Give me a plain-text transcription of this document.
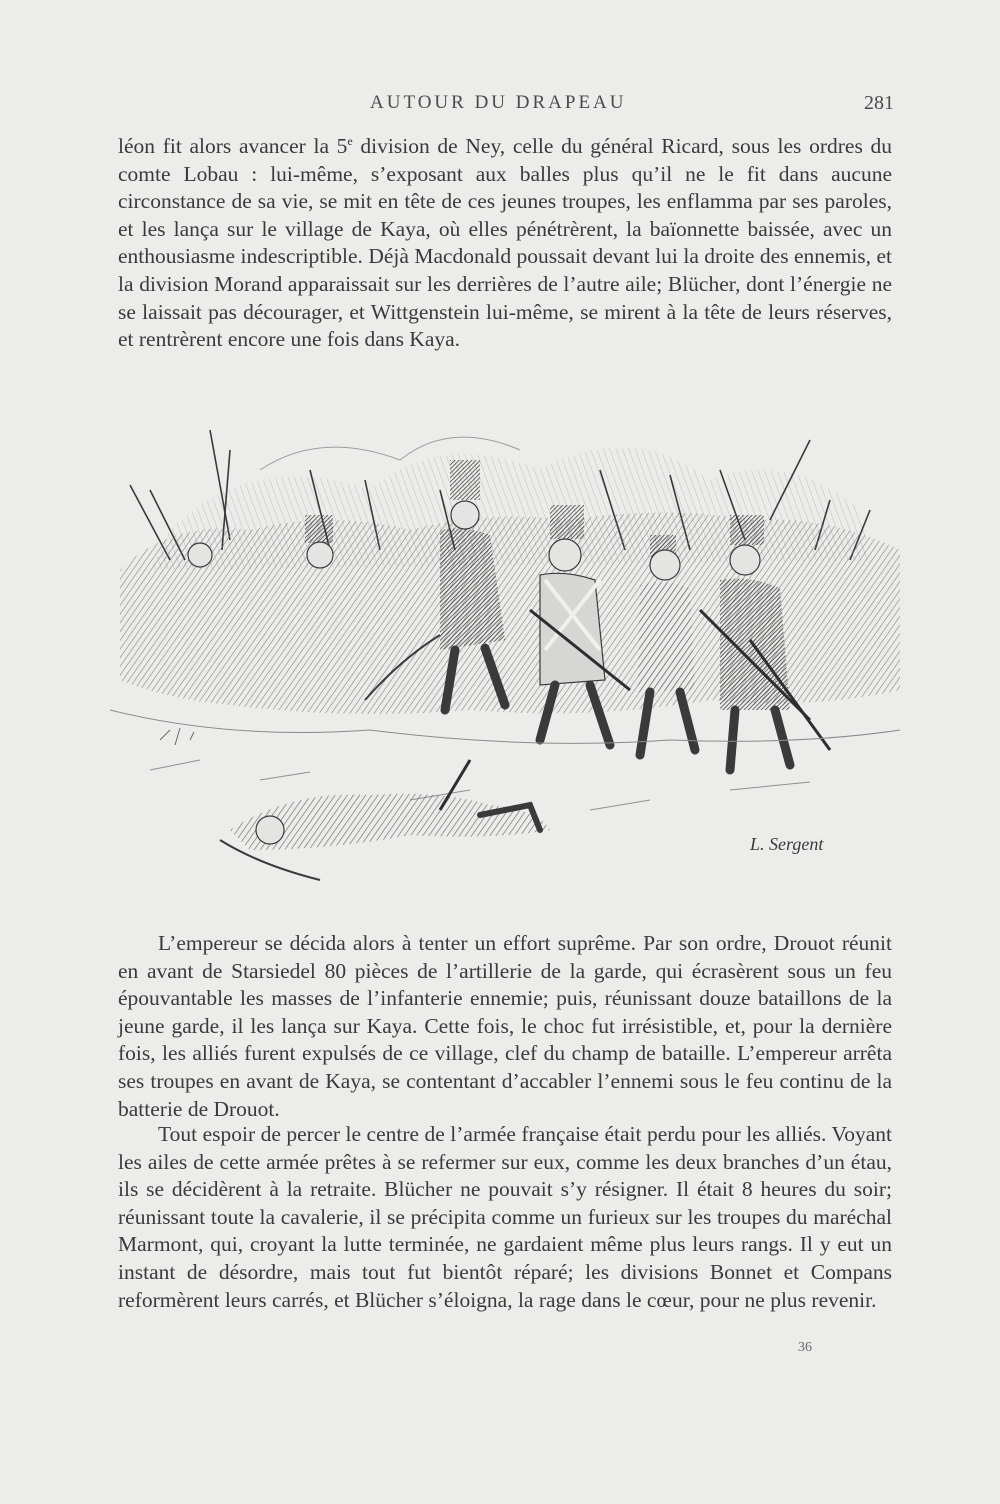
AUTOUR DU DRAPEAU	281

léon fit alors avancer la 5e division de Ney, celle du général Ricard, sous les ordres du comte Lobau : lui-même, s’exposant aux balles plus qu’il ne le fit dans aucune circonstance de sa vie, se mit en tête de ces jeunes troupes, les enflamma par ses paroles, et les lança sur le village de Kaya, où elles pénétrèrent, la baïonnette baissée, avec un enthousiasme indescriptible. Déjà Macdonald poussait devant lui la droite des ennemis, et la division Morand apparaissait sur les derrières de l’autre aile; Blücher, dont l’énergie ne se laissait pas décourager, et Wittgenstein lui-même, se mirent à la tête de leurs réserves, et rentrèrent encore une fois dans Kaya.

L. Sergent

L’empereur se décida alors à tenter un effort suprême. Par son ordre, Drouot réunit en avant de Starsiedel 80 pièces de l’artillerie de la garde, qui écrasèrent sous un feu épouvantable les masses de l’infanterie ennemie; puis, réunissant douze bataillons de la jeune garde, il les lança sur Kaya. Cette fois, le choc fut irrésistible, et, pour la dernière fois, les alliés furent expulsés de ce village, clef du champ de bataille. L’empereur arrêta ses troupes en avant de Kaya, se contentant d’accabler l’ennemi sous le feu continu de la batterie de Drouot.

Tout espoir de percer le centre de l’armée française était perdu pour les alliés. Voyant les ailes de cette armée prêtes à se refermer sur eux, comme les deux branches d’un étau, ils se décidèrent à la retraite. Blücher ne pouvait s’y résigner. Il était 8 heures du soir; réunissant toute la cavalerie, il se précipita comme un furieux sur les troupes du maréchal Marmont, qui, croyant la lutte terminée, ne gardaient même plus leurs rangs. Il y eut un instant de désordre, mais tout fut bientôt réparé; les divisions Bonnet et Compans reformèrent leurs carrés, et Blücher s’éloigna, la rage dans le cœur, pour ne plus revenir.

36
